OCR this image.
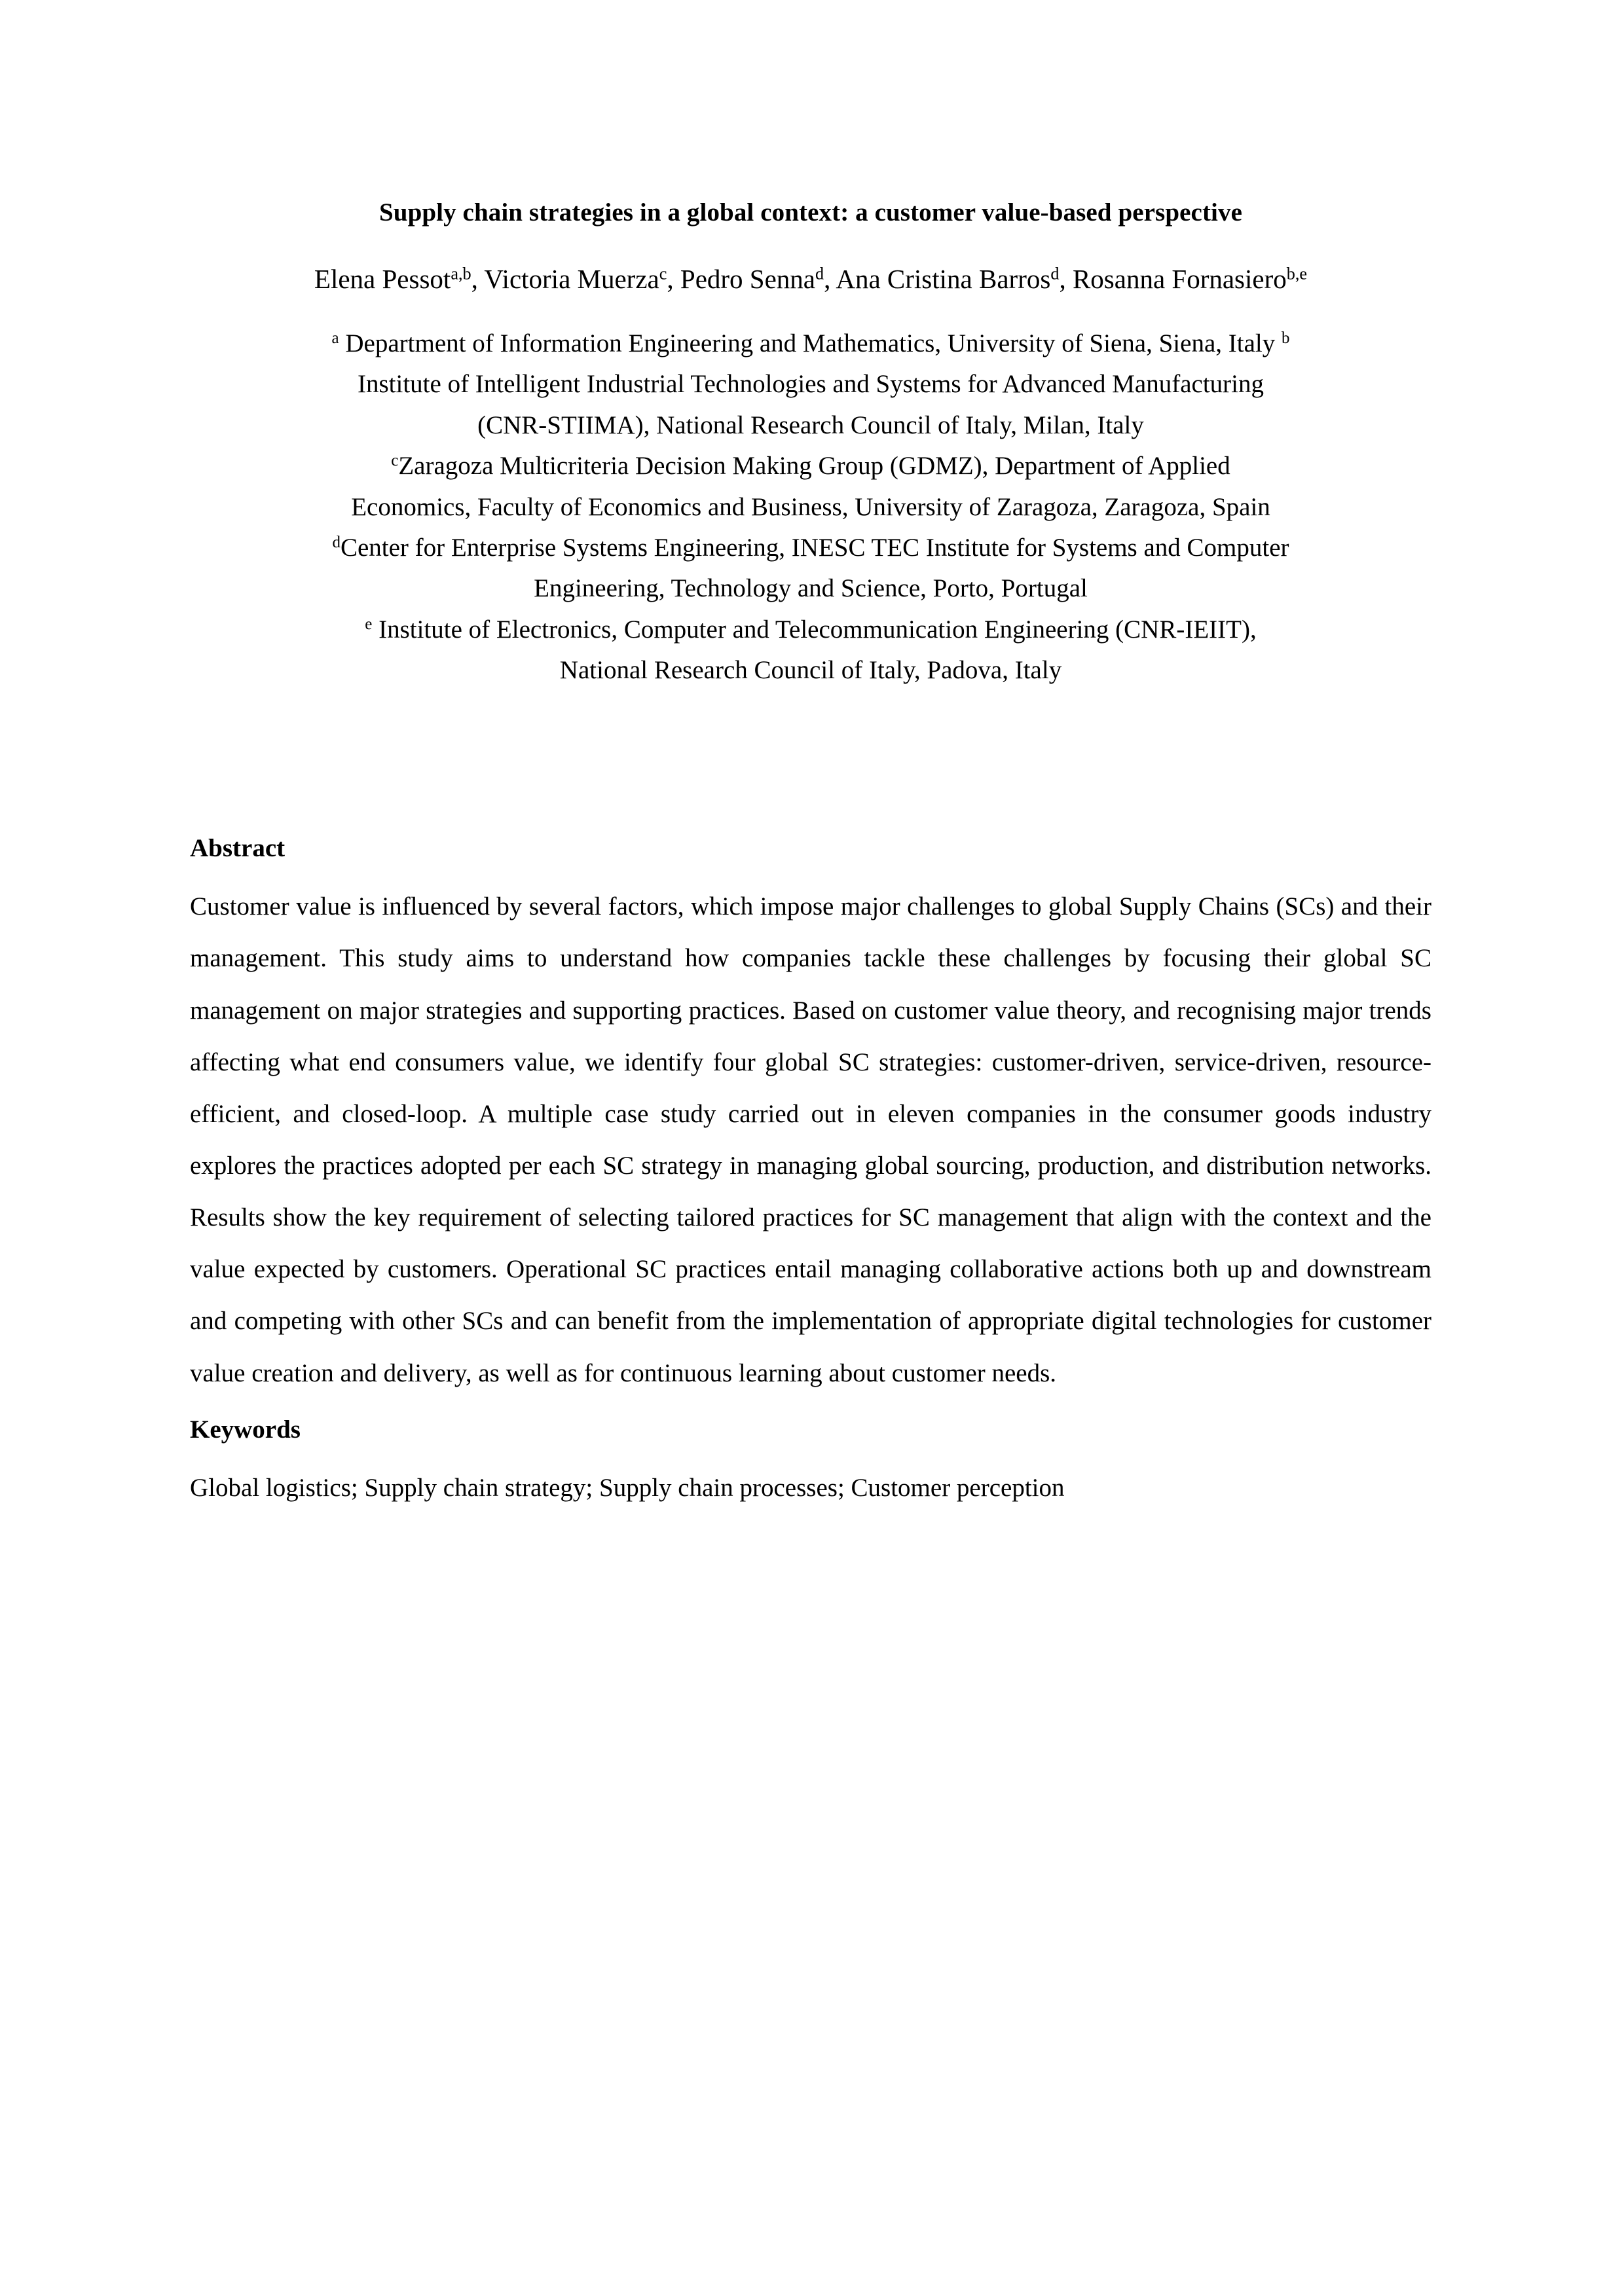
Supply chain strategies in a global context: a customer value-based perspective

Elena Pessot$^{a,b}$, Victoria Muerza$^c$, Pedro Senna$^d$, Ana Cristina Barros$^d$, Rosanna Fornasiero$^{b,e}$

$^a$ Department of Information Engineering and Mathematics, University of Siena, Siena, Italy $^b$
Institute of Intelligent Industrial Technologies and Systems for Advanced Manufacturing
(CNR-STIIMA), National Research Council of Italy, Milan, Italy
$^c$Zaragoza Multicriteria Decision Making Group (GDMZ), Department of Applied
Economics, Faculty of Economics and Business, University of Zaragoza, Zaragoza, Spain
$^d$Center for Enterprise Systems Engineering, INESC TEC Institute for Systems and Computer
Engineering, Technology and Science, Porto, Portugal
$^e$ Institute of Electronics, Computer and Telecommunication Engineering (CNR-IEIIT),
National Research Council of Italy, Padova, Italy
Abstract

Customer value is influenced by several factors, which impose major challenges to global Supply Chains (SCs) and their management. This study aims to understand how companies tackle these challenges by focusing their global SC management on major strategies and supporting practices. Based on customer value theory, and recognising major trends affecting what end consumers value, we identify four global SC strategies: customer-driven, service-driven, resource-efficient, and closed-loop. A multiple case study carried out in eleven companies in the consumer goods industry explores the practices adopted per each SC strategy in managing global sourcing, production, and distribution networks. Results show the key requirement of selecting tailored practices for SC management that align with the context and the value expected by customers. Operational SC practices entail managing collaborative actions both up and downstream and competing with other SCs and can benefit from the implementation of appropriate digital technologies for customer value creation and delivery, as well as for continuous learning about customer needs.

Keywords

Global logistics; Supply chain strategy; Supply chain processes; Customer perception
